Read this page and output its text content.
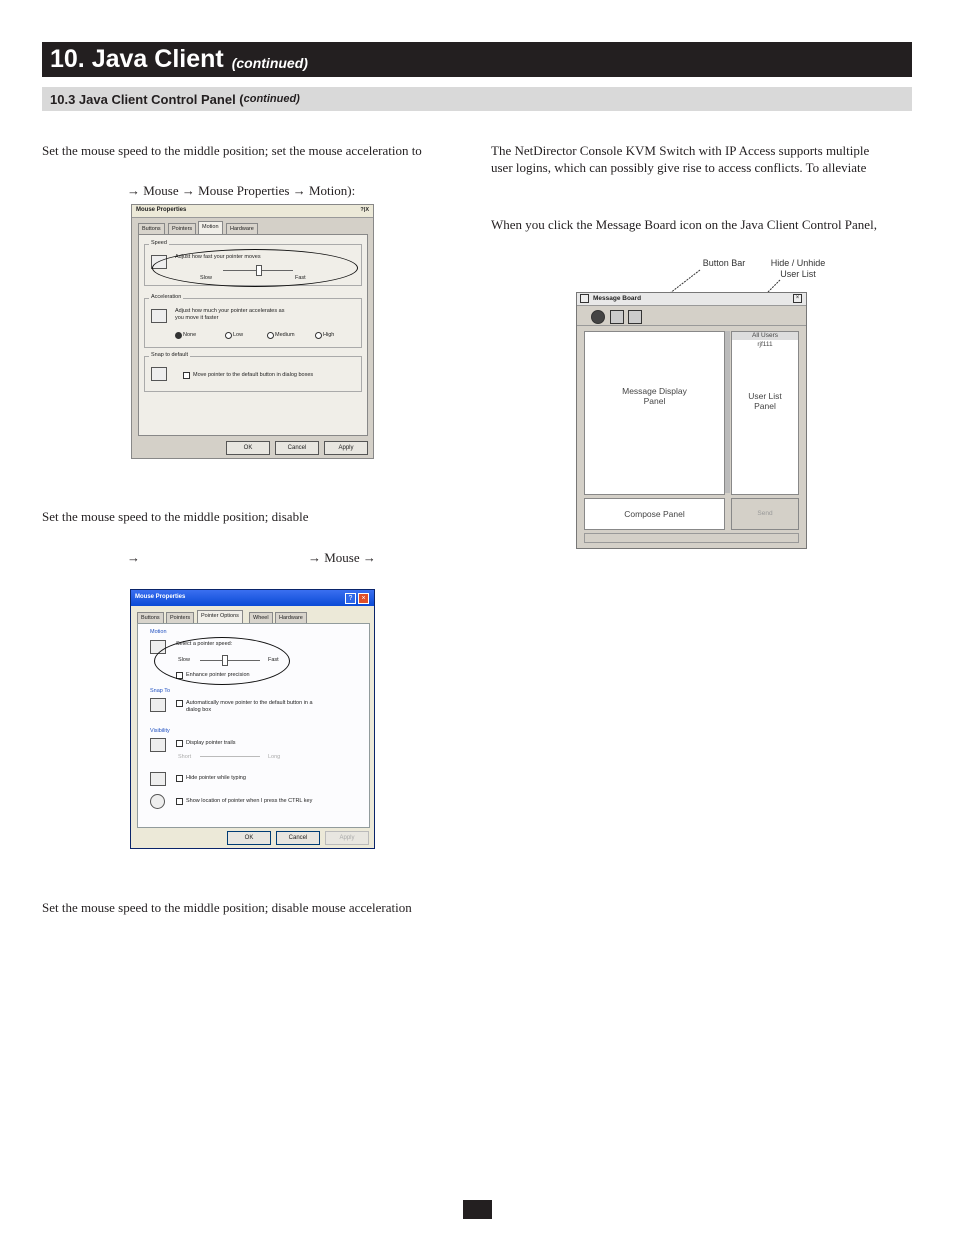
10. Java Client (continued)
10.3 Java Client Control Panel ( continued)
Set the mouse speed to the middle position; set the mouse acceleration to
→ Mouse → Mouse Properties → Motion):
Set the mouse speed to the middle position; disable
→	→ Mouse →
Set the mouse speed to the middle position; disable mouse acceleration
The NetDirector Console KVM Switch with IP Access supports multiple
user logins, which can possibly give rise to access conflicts. To alleviate
When you click the Message Board icon on the Java Client Control Panel,
Mouse Properties	?|X
Buttons	Pointers	Motion	Hardware
Speed
Adjust how fast your pointer moves
Slow	Fast
Acceleration
Adjust how much your pointer accelerates as
you move it faster
None	Low	Medium	High
Snap to default
Move pointer to the default button in dialog boxes
OK	Cancel	Apply
Mouse Properties	?	×
Buttons	Pointers	Pointer Options	Wheel	Hardware
Motion
Select a pointer speed:
Slow	Fast
Enhance pointer precision
Snap To
Automatically move pointer to the default button in a
dialog box
Visibility
Display pointer trails
Short	Long
Hide pointer while typing
Show location of pointer when I press the CTRL key
OK	Cancel	Apply
Button Bar	Hide / Unhide
User List
Message Board	×
Message Display
Panel
All Users
rjf111
User List
Panel
Compose Panel	Send
